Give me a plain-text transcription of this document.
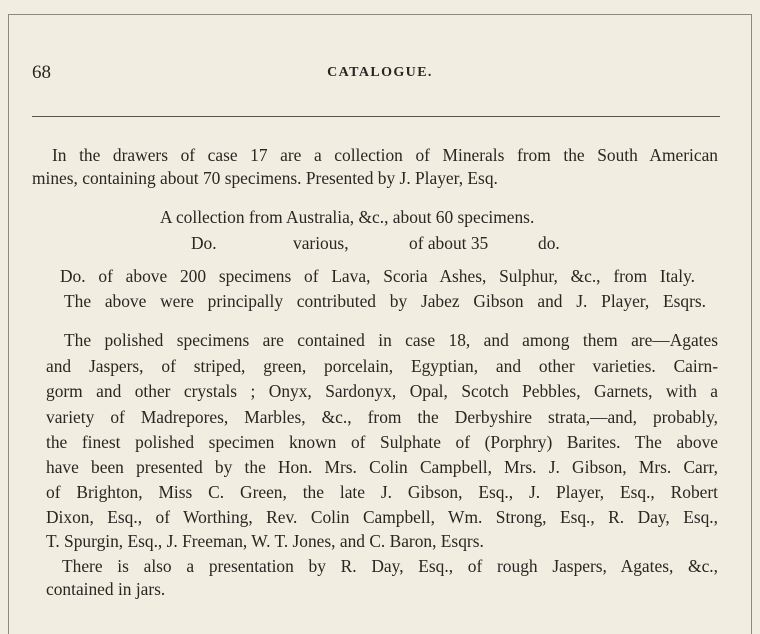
68	CATALOGUE.
In the drawers of case 17 are a collection of Minerals from the South American
mines, containing about 70 specimens. Presented by J. Player, Esq.
A collection from Australia, &c., about 60 specimens.
Do.	various,	of about 35	do.
Do. of above 200 specimens of Lava, Scoria Ashes, Sulphur, &c., from Italy.
The above were principally contributed by Jabez Gibson and J. Player, Esqrs.
The polished specimens are contained in case 18, and among them are—Agates
and Jaspers, of striped, green, porcelain, Egyptian, and other varieties. Cairn-
gorm and other crystals ; Onyx, Sardonyx, Opal, Scotch Pebbles, Garnets, with a
variety of Madrepores, Marbles, &c., from the Derbyshire strata,—and, probably,
the finest polished specimen known of Sulphate of (Porphry) Barites. The above
have been presented by the Hon. Mrs. Colin Campbell, Mrs. J. Gibson, Mrs. Carr,
of Brighton, Miss C. Green, the late J. Gibson, Esq., J. Player, Esq., Robert
Dixon, Esq., of Worthing, Rev. Colin Campbell, Wm. Strong, Esq., R. Day, Esq.,
T. Spurgin, Esq., J. Freeman, W. T. Jones, and C. Baron, Esqrs.
There is also a presentation by R. Day, Esq., of rough Jaspers, Agates, &c.,
contained in jars.
